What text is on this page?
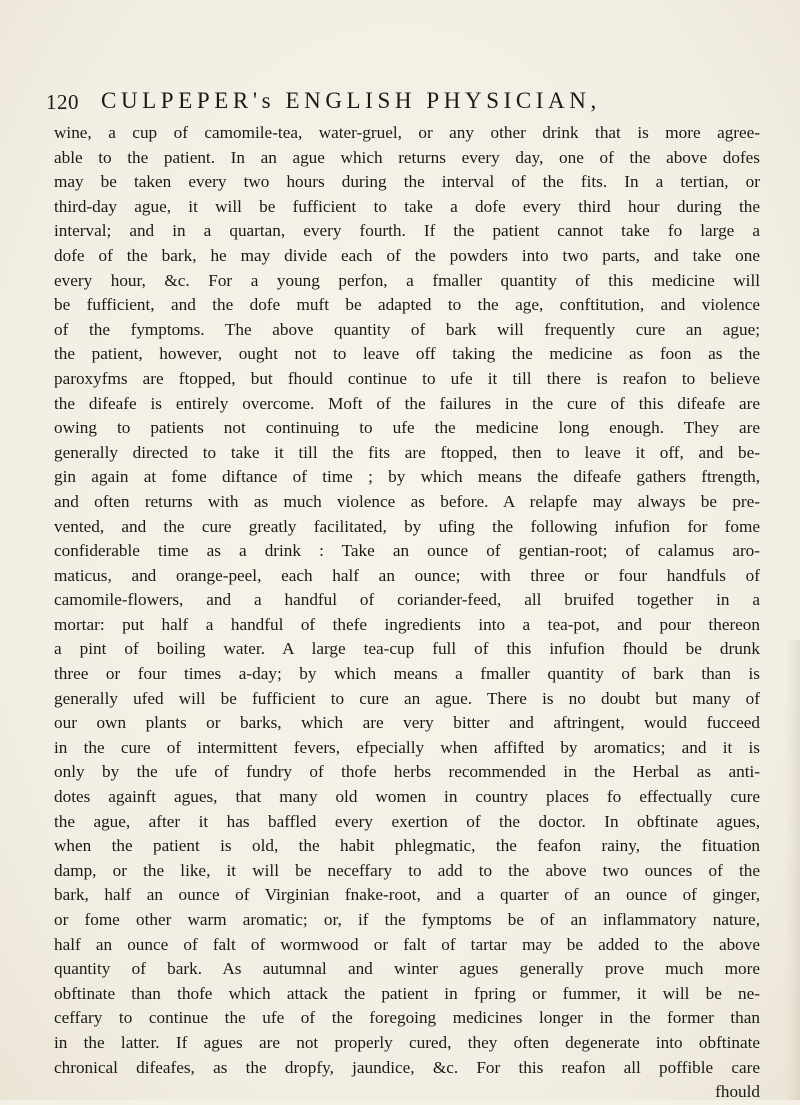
120 CULPEPER's ENGLISH PHYSICIAN,
wine, a cup of camomile-tea, water-gruel, or any other drink that is more agree-
able to the patient. In an ague which returns every day, one of the above dofes
may be taken every two hours during the interval of the fits. In a tertian, or
third-day ague, it will be fufficient to take a dofe every third hour during the
interval; and in a quartan, every fourth. If the patient cannot take fo large a
dofe of the bark, he may divide each of the powders into two parts, and take one
every hour, &c. For a young perfon, a fmaller quantity of this medicine will
be fufficient, and the dofe muft be adapted to the age, conftitution, and violence
of the fymptoms. The above quantity of bark will frequently cure an ague;
the patient, however, ought not to leave off taking the medicine as foon as the
paroxyfms are ftopped, but fhould continue to ufe it till there is reafon to believe
the difeafe is entirely overcome. Moft of the failures in the cure of this difeafe are
owing to patients not continuing to ufe the medicine long enough. They are
generally directed to take it till the fits are ftopped, then to leave it off, and be-
gin again at fome diftance of time ; by which means the difeafe gathers ftrength,
and often returns with as much violence as before. A relapfe may always be pre-
vented, and the cure greatly facilitated, by ufing the following infufion for fome
confiderable time as a drink : Take an ounce of gentian-root; of calamus aro-
maticus, and orange-peel, each half an ounce; with three or four handfuls of
camomile-flowers, and a handful of coriander-feed, all bruifed together in a
mortar: put half a handful of thefe ingredients into a tea-pot, and pour thereon
a pint of boiling water. A large tea-cup full of this infufion fhould be drunk
three or four times a-day; by which means a fmaller quantity of bark than is
generally ufed will be fufficient to cure an ague. There is no doubt but many of
our own plants or barks, which are very bitter and aftringent, would fucceed
in the cure of intermittent fevers, efpecially when affifted by aromatics; and it is
only by the ufe of fundry of thofe herbs recommended in the Herbal as anti-
dotes againft agues, that many old women in country places fo effectually cure
the ague, after it has baffled every exertion of the doctor. In obftinate agues,
when the patient is old, the habit phlegmatic, the feafon rainy, the fituation
damp, or the like, it will be neceffary to add to the above two ounces of the
bark, half an ounce of Virginian fnake-root, and a quarter of an ounce of ginger,
or fome other warm aromatic; or, if the fymptoms be of an inflammatory nature,
half an ounce of falt of wormwood or falt of tartar may be added to the above
quantity of bark. As autumnal and winter agues generally prove much more
obftinate than thofe which attack the patient in fpring or fummer, it will be ne-
ceffary to continue the ufe of the foregoing medicines longer in the former than
in the latter. If agues are not properly cured, they often degenerate into obftinate
chronical difeafes, as the dropfy, jaundice, &c. For this reafon all poffible care
fhould
